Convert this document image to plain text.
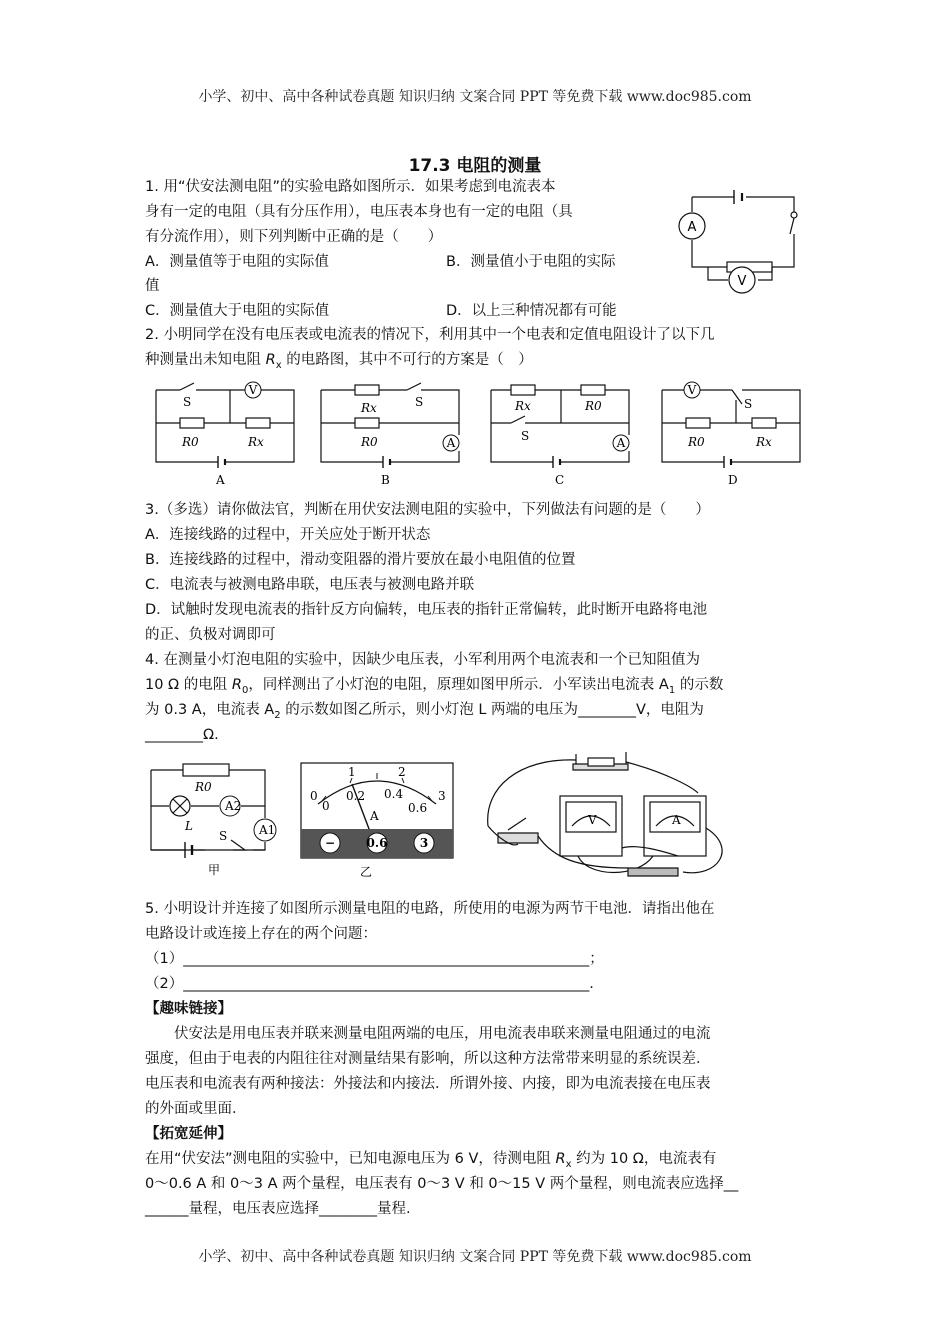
小学、初中、高中各种试卷真题 知识归纳 文案合同 PPT 等免费下载 www.doc985.com
17.3 电阻的测量
1. 用“伏安法测电阻”的实验电路如图所示．如果考虑到电流表本
身有一定的电阻（具有分压作用），电压表本身也有一定的电阻（具
有分流作用），则下列判断中正确的是（　　）
A．测量值等于电阻的实际值	B．测量值小于电阻的实际
值
C．测量值大于电阻的实际值	D．以上三种情况都有可能
A
V
2. 小明同学在没有电压表或电流表的情况下，利用其中一个电表和定值电阻设计了以下几
种测量出未知电阻 $R_x$ 的电路图，其中不可行的方案是（　）
V
S
R0	Rx
A
A
Rx	S
R0
B
A
Rx	R0
S
C
V
S
R0	Rx
D
3.（多选）请你做法官，判断在用伏安法测电阻的实验中，下列做法有问题的是（　　）
A．连接线路的过程中，开关应处于断开状态
B．连接线路的过程中，滑动变阻器的滑片要放在最小电阻值的位置
C．电流表与被测电路串联，电压表与被测电路并联
D．试触时发现电流表的指针反方向偏转，电压表的指针正常偏转，此时断开电路将电池
的正、负极对调即可
4. 在测量小灯泡电阻的实验中，因缺少电压表，小军利用两个电流表和一个已知阻值为
10 Ω 的电阻 $R_0$，同样测出了小灯泡的电阻，原理如图甲所示．小军读出电流表 $A_1$ 的示数
为 0.3 A，电流表 $A_2$ 的示数如图乙所示，则小灯泡 L 两端的电压为________V，电阻为
________Ω.
A2
A1
R0
L
S
甲
1	2
0	3
0
0.2 0.4
0.6
A
−	0.6	3
乙
V	A
5. 小明设计并连接了如图所示测量电阻的电路，所使用的电源为两节干电池．请指出他在
电路设计或连接上存在的两个问题：
（1）________________________________________________________；
（2）________________________________________________________.
【趣味链接】
　　伏安法是用电压表并联来测量电阻两端的电压，用电流表串联来测量电阻通过的电流
强度，但由于电表的内阻往往对测量结果有影响，所以这种方法常带来明显的系统误差．
电压表和电流表有两种接法：外接法和内接法．所谓外接、内接，即为电流表接在电压表
的外面或里面．
【拓宽延伸】
在用“伏安法”测电阻的实验中，已知电源电压为 6 V，待测电阻 $R_x$ 约为 10 Ω，电流表有
0～0.6 A 和 0～3 A 两个量程，电压表有 0～3 V 和 0～15 V 两个量程，则电流表应选择__
______量程，电压表应选择________量程.
小学、初中、高中各种试卷真题 知识归纳 文案合同 PPT 等免费下载 www.doc985.com
